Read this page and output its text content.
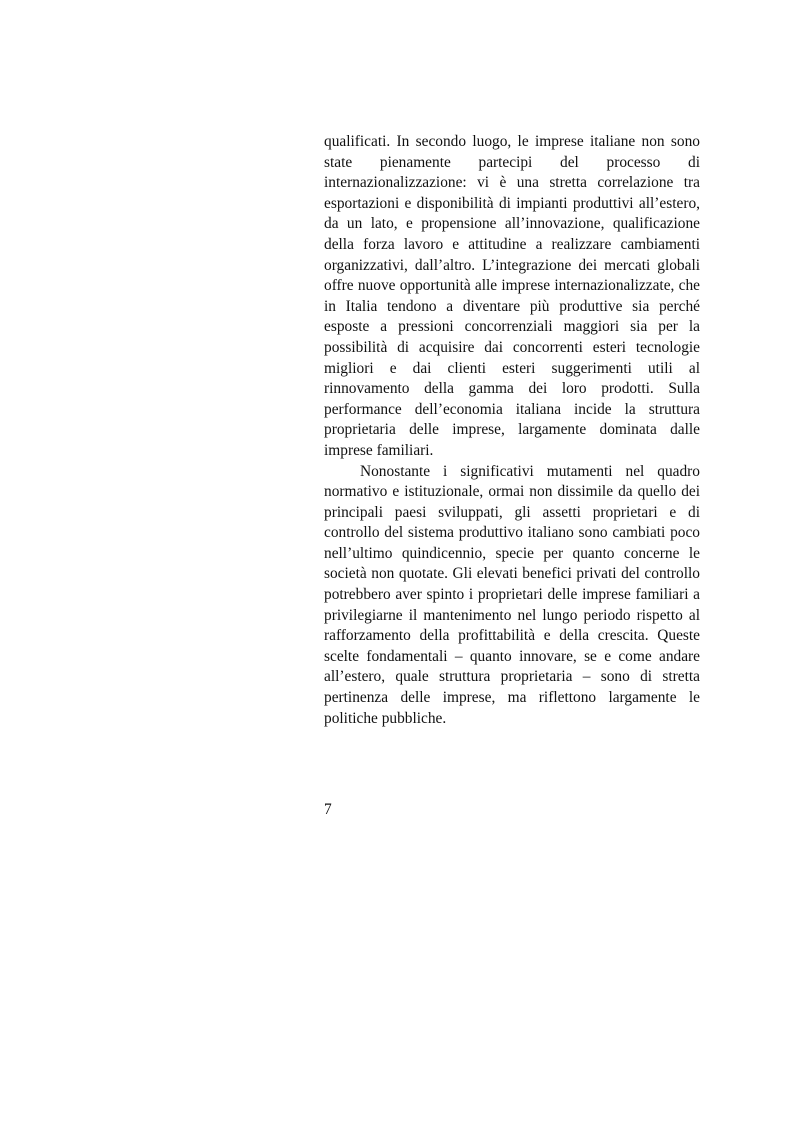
qualificati. In secondo luogo, le imprese italiane non sono state pienamente partecipi del processo di internazionalizzazione: vi è una stretta correlazione tra esportazioni e disponibilità di impianti produttivi all’estero, da un lato, e propensione all’innovazione, qualificazione della forza lavoro e attitudine a realizzare cambiamenti organizzativi, dall’altro. L’integrazione dei mercati globali offre nuove opportunità alle imprese internazionalizzate, che in Italia tendono a diventare più produttive sia perché esposte a pressioni concorrenziali maggiori sia per la possibilità di acquisire dai concorrenti esteri tecnologie migliori e dai clienti esteri suggerimenti utili al rinnovamento della gamma dei loro prodotti. Sulla performance dell’economia italiana incide la struttura proprietaria delle imprese, largamente dominata dalle imprese familiari.

Nonostante i significativi mutamenti nel quadro normativo e istituzionale, ormai non dissimile da quello dei principali paesi sviluppati, gli assetti proprietari e di controllo del sistema produttivo italiano sono cambiati poco nell’ultimo quindicennio, specie per quanto concerne le società non quotate. Gli elevati benefici privati del controllo potrebbero aver spinto i proprietari delle imprese familiari a privilegiarne il mantenimento nel lungo periodo rispetto al rafforzamento della profittabilità e della crescita. Queste scelte fondamentali – quanto innovare, se e come andare all’estero, quale struttura proprietaria – sono di stretta pertinenza delle imprese, ma riflettono largamente le politiche pubbliche.

7
